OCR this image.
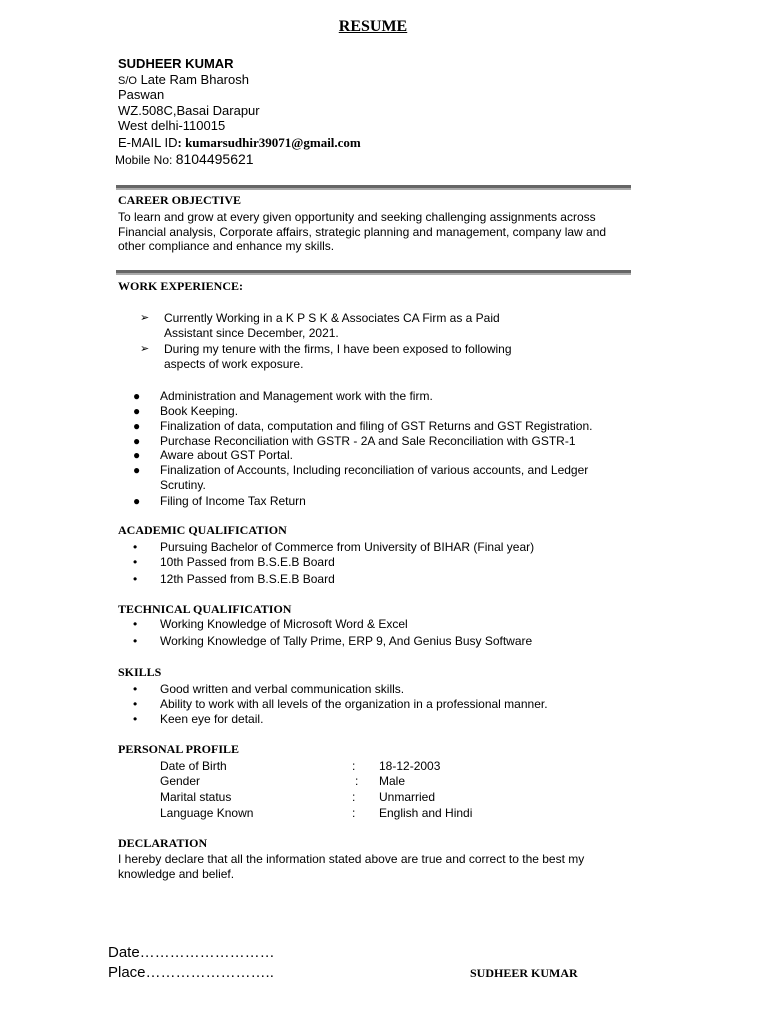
RESUME
SUDHEER KUMAR
S/O Late Ram Bharosh
Paswan
WZ.508C,Basai Darapur
West delhi-110015
E-MAIL ID: kumarsudhir39071@gmail.com
Mobile No: 8104495621
CAREER OBJECTIVE
To learn and grow at every given opportunity and seeking challenging assignments across Financial analysis, Corporate affairs, strategic planning and management, company law and other compliance and enhance my skills.
WORK EXPERIENCE:
➢ Currently Working in a K P S K & Associates CA Firm as a Paid Assistant since December, 2021.
➢ During my tenure with the firms, I have been exposed to following aspects of work exposure.
● Administration and Management work with the firm.
● Book Keeping.
● Finalization of data, computation and filing of GST Returns and GST Registration.
● Purchase Reconciliation with GSTR - 2A and Sale Reconciliation with GSTR-1
● Aware about GST Portal.
● Finalization of Accounts, Including reconciliation of various accounts, and Ledger Scrutiny.
● Filing of Income Tax Return
ACADEMIC QUALIFICATION
• Pursuing Bachelor of Commerce from University of BIHAR (Final year)
• 10th Passed from B.S.E.B Board
• 12th Passed from B.S.E.B Board
TECHNICAL QUALIFICATION
• Working Knowledge of Microsoft Word & Excel
• Working Knowledge of Tally Prime, ERP 9, And Genius Busy Software
SKILLS
• Good written and verbal communication skills.
• Ability to work with all levels of the organization in a professional manner.
• Keen eye for detail.
PERSONAL PROFILE
Date of Birth	: 18-12-2003
Gender	: Male
Marital status	: Unmarried
Language Known	: English and Hindi
DECLARATION
I hereby declare that all the information stated above are true and correct to the best my knowledge and belief.
Date………………………
Place……………………..	SUDHEER KUMAR
